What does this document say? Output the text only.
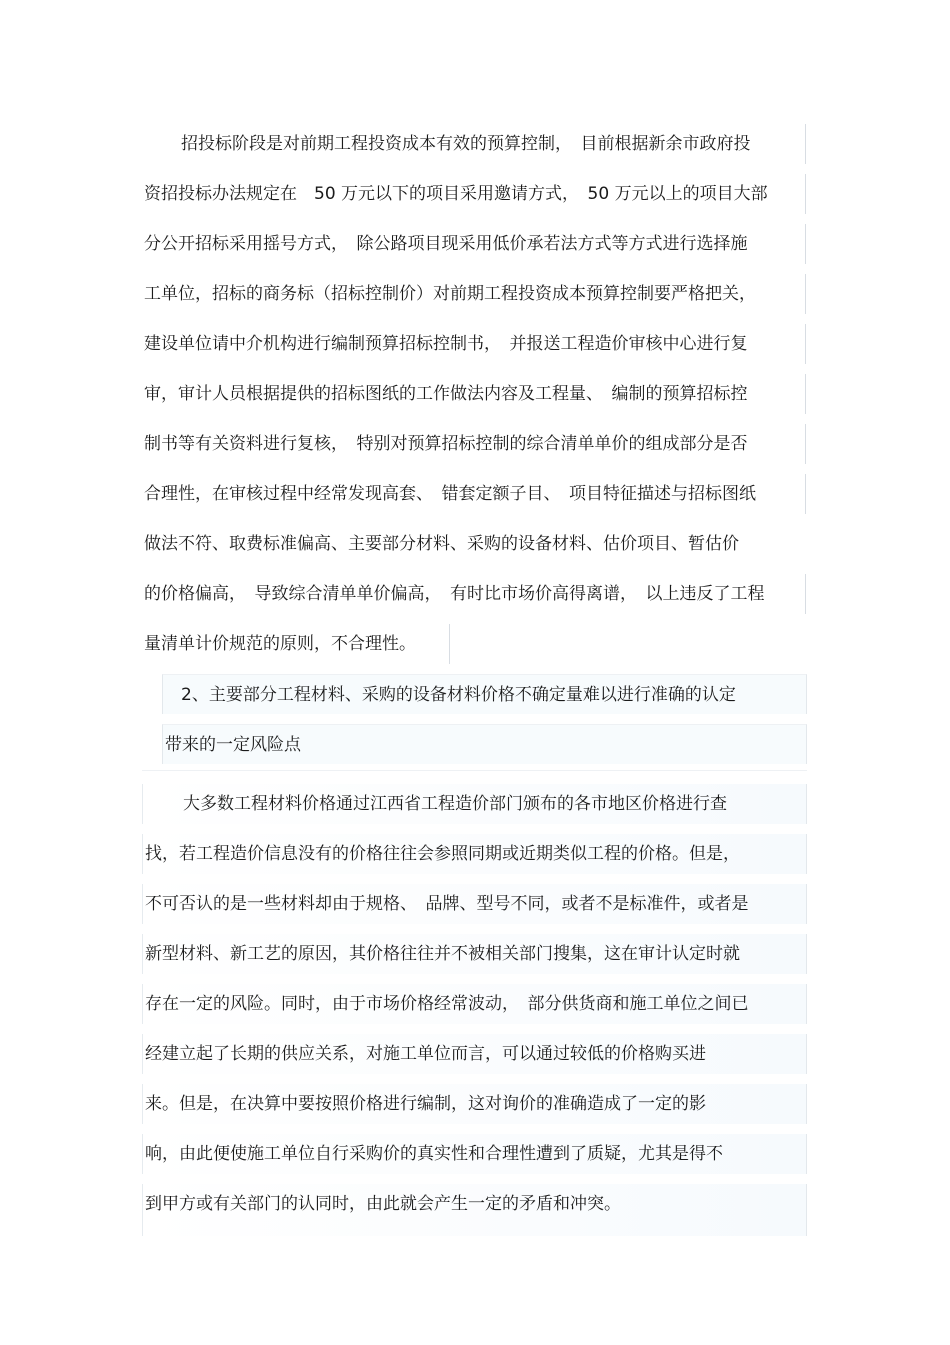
招投标阶段是对前期工程投资成本有效的预算控制，　目前根据新余市政府投
资招投标办法规定在　50 万元以下的项目采用邀请方式，　50 万元以上的项目大部
分公开招标采用摇号方式，　除公路项目现采用低价承若法方式等方式进行选择施
工单位，招标的商务标（招标控制价）对前期工程投资成本预算控制要严格把关，
建设单位请中介机构进行编制预算招标控制书，　并报送工程造价审核中心进行复
审，审计人员根据提供的招标图纸的工作做法内容及工程量、　编制的预算招标控
制书等有关资料进行复核，　特别对预算招标控制的综合清单单价的组成部分是否
合理性，在审核过程中经常发现高套、　错套定额子目、　项目特征描述与招标图纸
做法不符、取费标准偏高、主要部分材料、采购的设备材料、估价项目、暂估价
的价格偏高，　导致综合清单单价偏高，　有时比市场价高得离谱，　以上违反了工程
量清单计价规范的原则，不合理性。
2、主要部分工程材料、采购的设备材料价格不确定量难以进行准确的认定
带来的一定风险点
大多数工程材料价格通过江西省工程造价部门颁布的各市地区价格进行查
找，若工程造价信息没有的价格往往会参照同期或近期类似工程的价格。但是，
不可否认的是一些材料却由于规格、　品牌、型号不同，或者不是标准件，或者是
新型材料、新工艺的原因，其价格往往并不被相关部门搜集，这在审计认定时就
存在一定的风险。同时，由于市场价格经常波动，　部分供货商和施工单位之间已
经建立起了长期的供应关系，对施工单位而言，可以通过较低的价格购买进
来。但是，在决算中要按照价格进行编制，这对询价的准确造成了一定的影
响，由此便使施工单位自行采购价的真实性和合理性遭到了质疑，尤其是得不
到甲方或有关部门的认同时，由此就会产生一定的矛盾和冲突。
